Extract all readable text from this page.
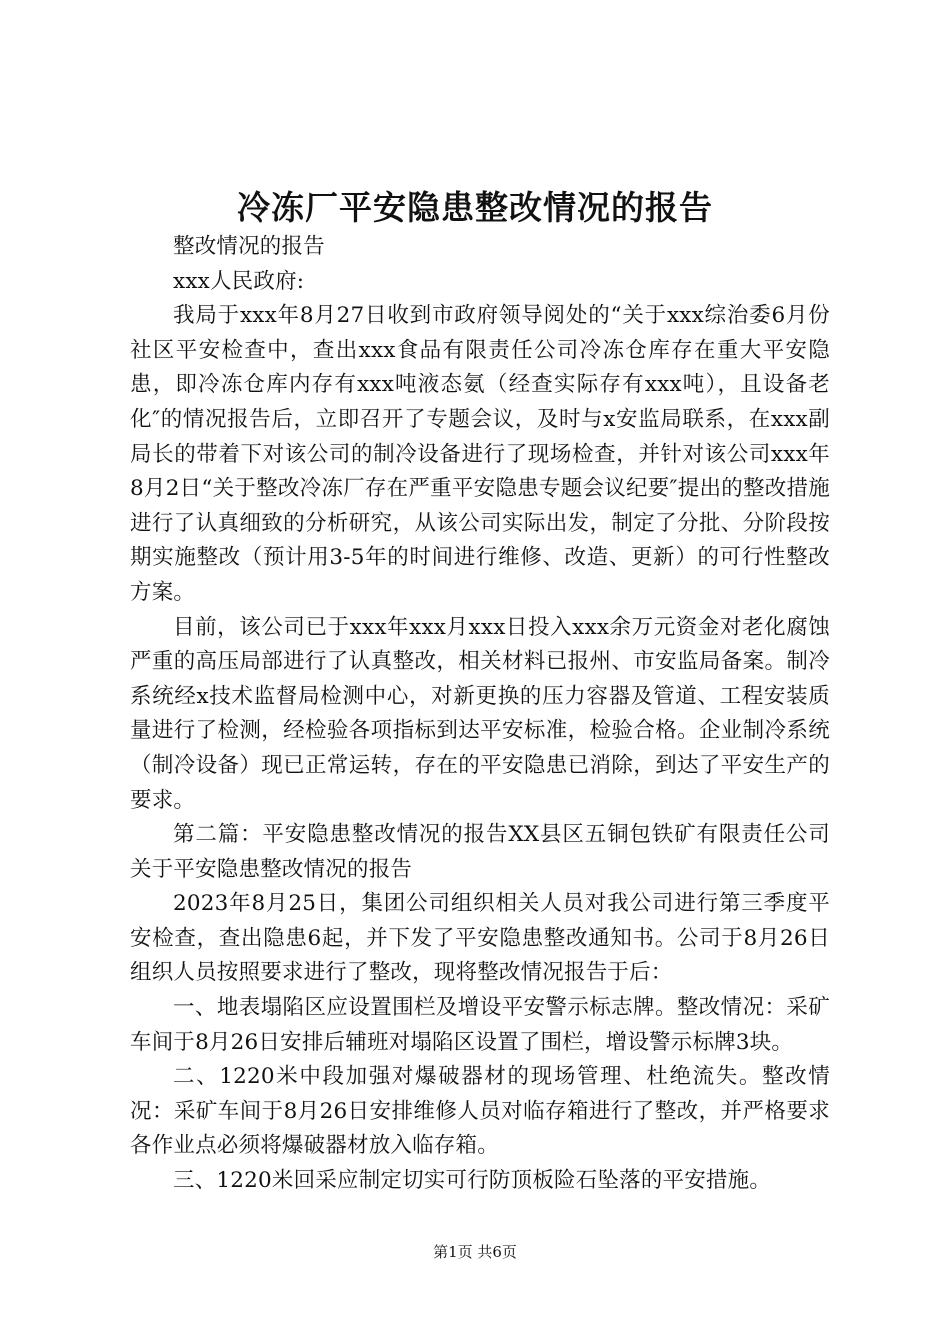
冷冻厂平安隐患整改情况的报告

整改情况的报告

xxx人民政府:

我局于xxx年8月27日收到市政府领导阅处的“关于xxx综治委6月份社区平安检查中，查出xxx食品有限责任公司冷冻仓库存在重大平安隐患，即冷冻仓库内存有xxx吨液态氨（经查实际存有xxx吨），且设备老化″的情况报告后，立即召开了专题会议，及时与x安监局联系，在xxx副局长的带着下对该公司的制冷设备进行了现场检查，并针对该公司xxx年8月2日“关于整改冷冻厂存在严重平安隐患专题会议纪要″提出的整改措施进行了认真细致的分析研究，从该公司实际出发，制定了分批、分阶段按期实施整改（预计用3-5年的时间进行维修、改造、更新）的可行性整改方案。

目前，该公司已于xxx年xxx月xxx日投入xxx余万元资金对老化腐蚀严重的高压局部进行了认真整改，相关材料已报州、市安监局备案。制冷系统经x技术监督局检测中心，对新更换的压力容器及管道、工程安装质量进行了检测，经检验各项指标到达平安标准，检验合格。企业制冷系统（制冷设备）现已正常运转，存在的平安隐患已消除，到达了平安生产的要求。

第二篇：平安隐患整改情况的报告XX县区五铜包铁矿有限责任公司关于平安隐患整改情况的报告

2023年8月25日，集团公司组织相关人员对我公司进行第三季度平安检查，查出隐患6起，并下发了平安隐患整改通知书。公司于8月26日组织人员按照要求进行了整改，现将整改情况报告于后：

一、地表塌陷区应设置围栏及增设平安警示标志牌。整改情况：采矿车间于8月26日安排后辅班对塌陷区设置了围栏，增设警示标牌3块。

二、1220米中段加强对爆破器材的现场管理、杜绝流失。整改情况：采矿车间于8月26日安排维修人员对临存箱进行了整改，并严格要求各作业点必须将爆破器材放入临存箱。

三、1220米回采应制定切实可行防顶板险石坠落的平安措施。

第1页 共6页
